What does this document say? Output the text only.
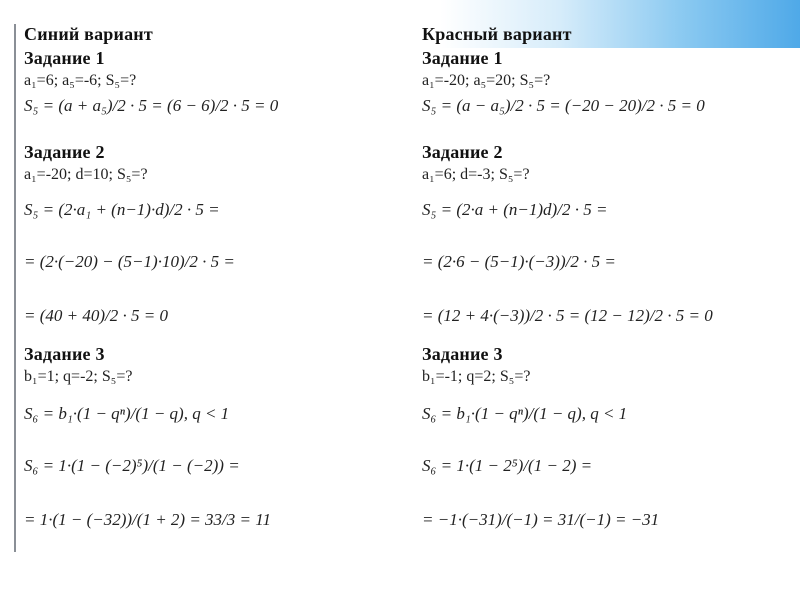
Синий вариант
Задание 1
a₁=6; a₅=-6; S₅=?
S₅ = (a + a₅)/2 · 5 = (6 − 6)/2 · 5 = 0
Задание 2
a₁=-20; d=10; S₅=?
S₅ = (2·a₁ + (n−1)·d)/2 · 5 =
= (2·(−20) − (5−1)·10)/2 · 5 =
= (40 + 40)/2 · 5 = 0
Задание 3
b₁=1; q=-2; S₅=?
S₆ = b₁·(1 − qⁿ)/(1 − q), q < 1
S₆ = 1·(1 − (−2)⁵)/(1 − (−2)) =
= 1·(1 − (−32))/(1 + 2) = 33/3 = 11
Красный вариант
Задание 1
a₁=-20; a₅=20; S₅=?
S₅ = (a − a₅)/2 · 5 = (−20 − 20)/2 · 5 = 0
Задание 2
a₁=6; d=-3; S₅=?
S₅ = (2·a + (n−1)d)/2 · 5 =
= (2·6 − (5−1)·(−3))/2 · 5 =
= (12 + 4·(−3))/2 · 5 = (12 − 12)/2 · 5 = 0
Задание 3
b₁=-1; q=2; S₅=?
S₆ = b₁·(1 − qⁿ)/(1 − q), q < 1
S₆ = 1·(1 − 2⁵)/(1 − 2) =
= −1·(−31)/(−1) = 31/(−1) = −31
